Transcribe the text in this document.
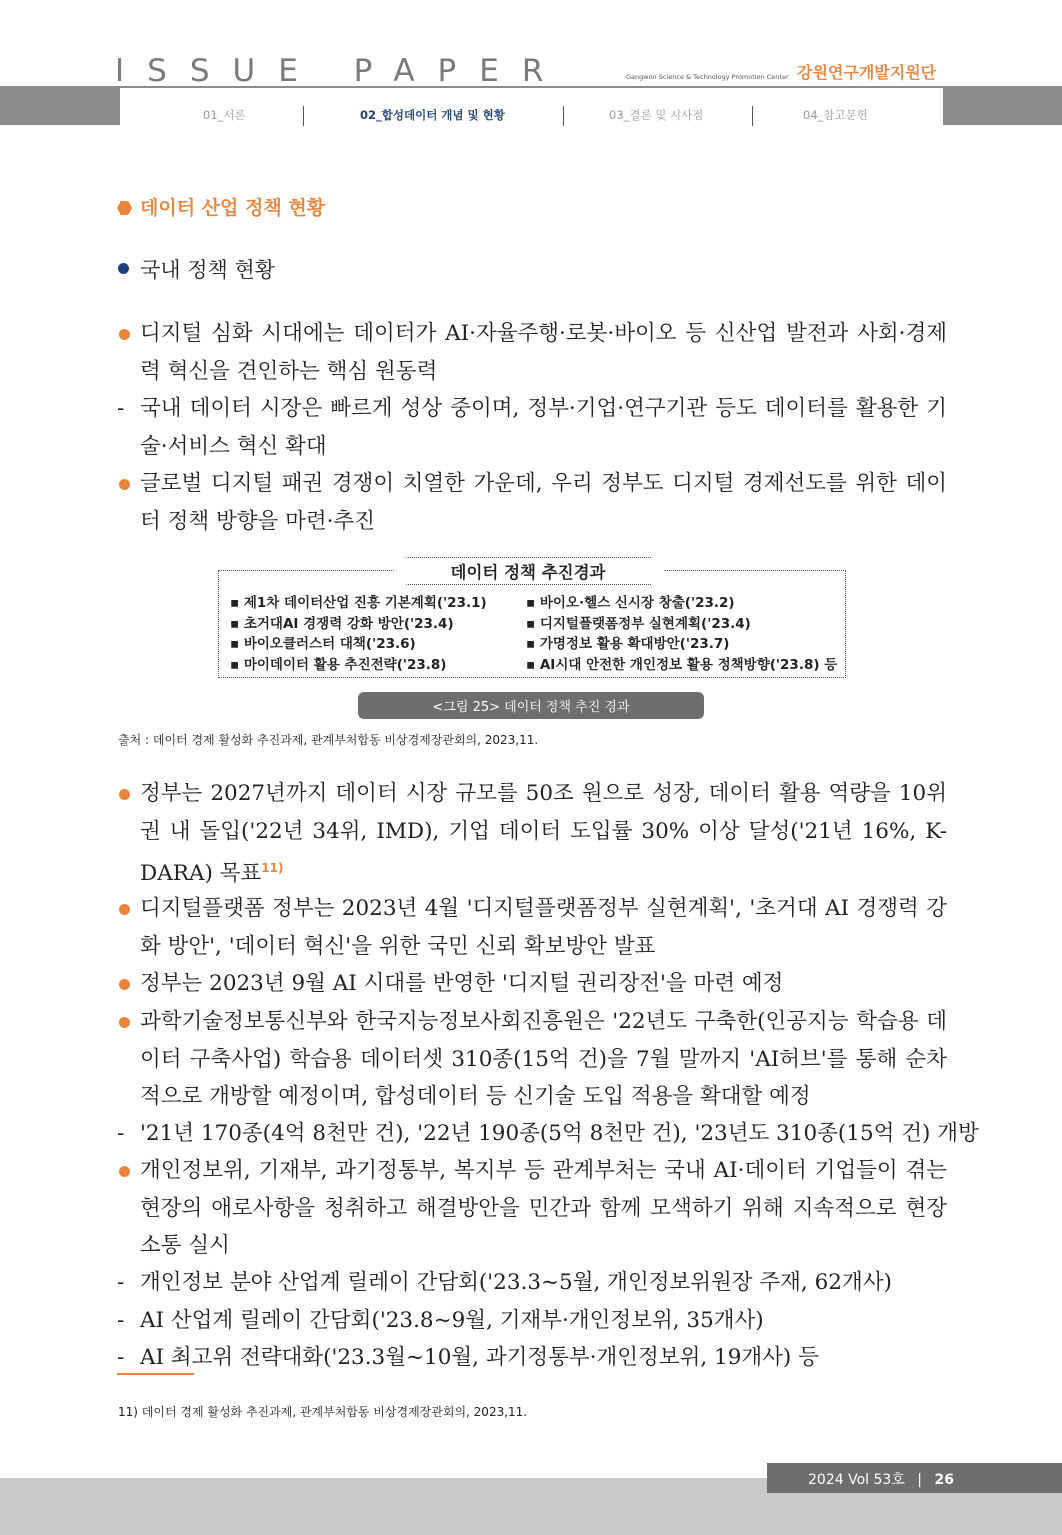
ISSUE PAPER	Gangwon Science & Technology Promotion Center 강원연구개발지원단
01_서론	02_합성데이터 개념 및 현황	03_결론 및 시사점	04_참고문헌
데이터 산업 정책 현황
국내 정책 현황
디지털 심화 시대에는 데이터가 AI·자율주행·로봇·바이오 등 신산업 발전과 사회·경제력 혁신을 견인하는 핵심 원동력
- 국내 데이터 시장은 빠르게 성상 중이며, 정부·기업·연구기관 등도 데이터를 활용한 기술·서비스 혁신 확대
글로벌 디지털 패권 경쟁이 치열한 가운데, 우리 정부도 디지털 경제선도를 위한 데이터 정책 방향을 마련·추진
데이터 정책 추진경과
▪ 제1차 데이터산업 진흥 기본계획('23.1)
▪ 초거대AI 경쟁력 강화 방안('23.4)
▪ 바이오클러스터 대책('23.6)
▪ 마이데이터 활용 추진전략('23.8)
▪ 바이오·헬스 신시장 창출('23.2)
▪ 디지털플랫폼정부 실현계획('23.4)
▪ 가명정보 활용 확대방안('23.7)
▪ AI시대 안전한 개인정보 활용 정책방향('23.8) 등
<그림 25> 데이터 정책 추진 경과
출처 : 데이터 경제 활성화 추진과제, 관계부처합동 비상경제장관회의, 2023,11.
정부는 2027년까지 데이터 시장 규모를 50조 원으로 성장, 데이터 활용 역량을 10위권 내 돌입('22년 34위, IMD), 기업 데이터 도입률 30% 이상 달성('21년 16%, K-DARA) 목표$^{11)}$
디지털플랫폼 정부는 2023년 4월 '디지털플랫폼정부 실현계획', '초거대 AI 경쟁력 강화 방안', '데이터 혁신'을 위한 국민 신뢰 확보방안 발표
정부는 2023년 9월 AI 시대를 반영한 '디지털 권리장전'을 마련 예정
과학기술정보통신부와 한국지능정보사회진흥원은 '22년도 구축한(인공지능 학습용 데이터 구축사업) 학습용 데이터셋 310종(15억 건)을 7월 말까지 'AI허브'를 통해 순차적으로 개방할 예정이며, 합성데이터 등 신기술 도입 적용을 확대할 예정
- '21년 170종(4억 8천만 건), '22년 190종(5억 8천만 건), '23년도 310종(15억 건) 개방
개인정보위, 기재부, 과기정통부, 복지부 등 관계부처는 국내 AI·데이터 기업들이 겪는 현장의 애로사항을 청취하고 해결방안을 민간과 함께 모색하기 위해 지속적으로 현장 소통 실시
- 개인정보 분야 산업계 릴레이 간담회('23.3~5월, 개인정보위원장 주재, 62개사)
- AI 산업계 릴레이 간담회('23.8~9월, 기재부·개인정보위, 35개사)
- AI 최고위 전략대화('23.3월~10월, 과기정통부·개인정보위, 19개사) 등
11) 데이터 경제 활성화 추진과제, 관계부처합동 비상경제장관회의, 2023,11.
2024 Vol 53호 | 26
